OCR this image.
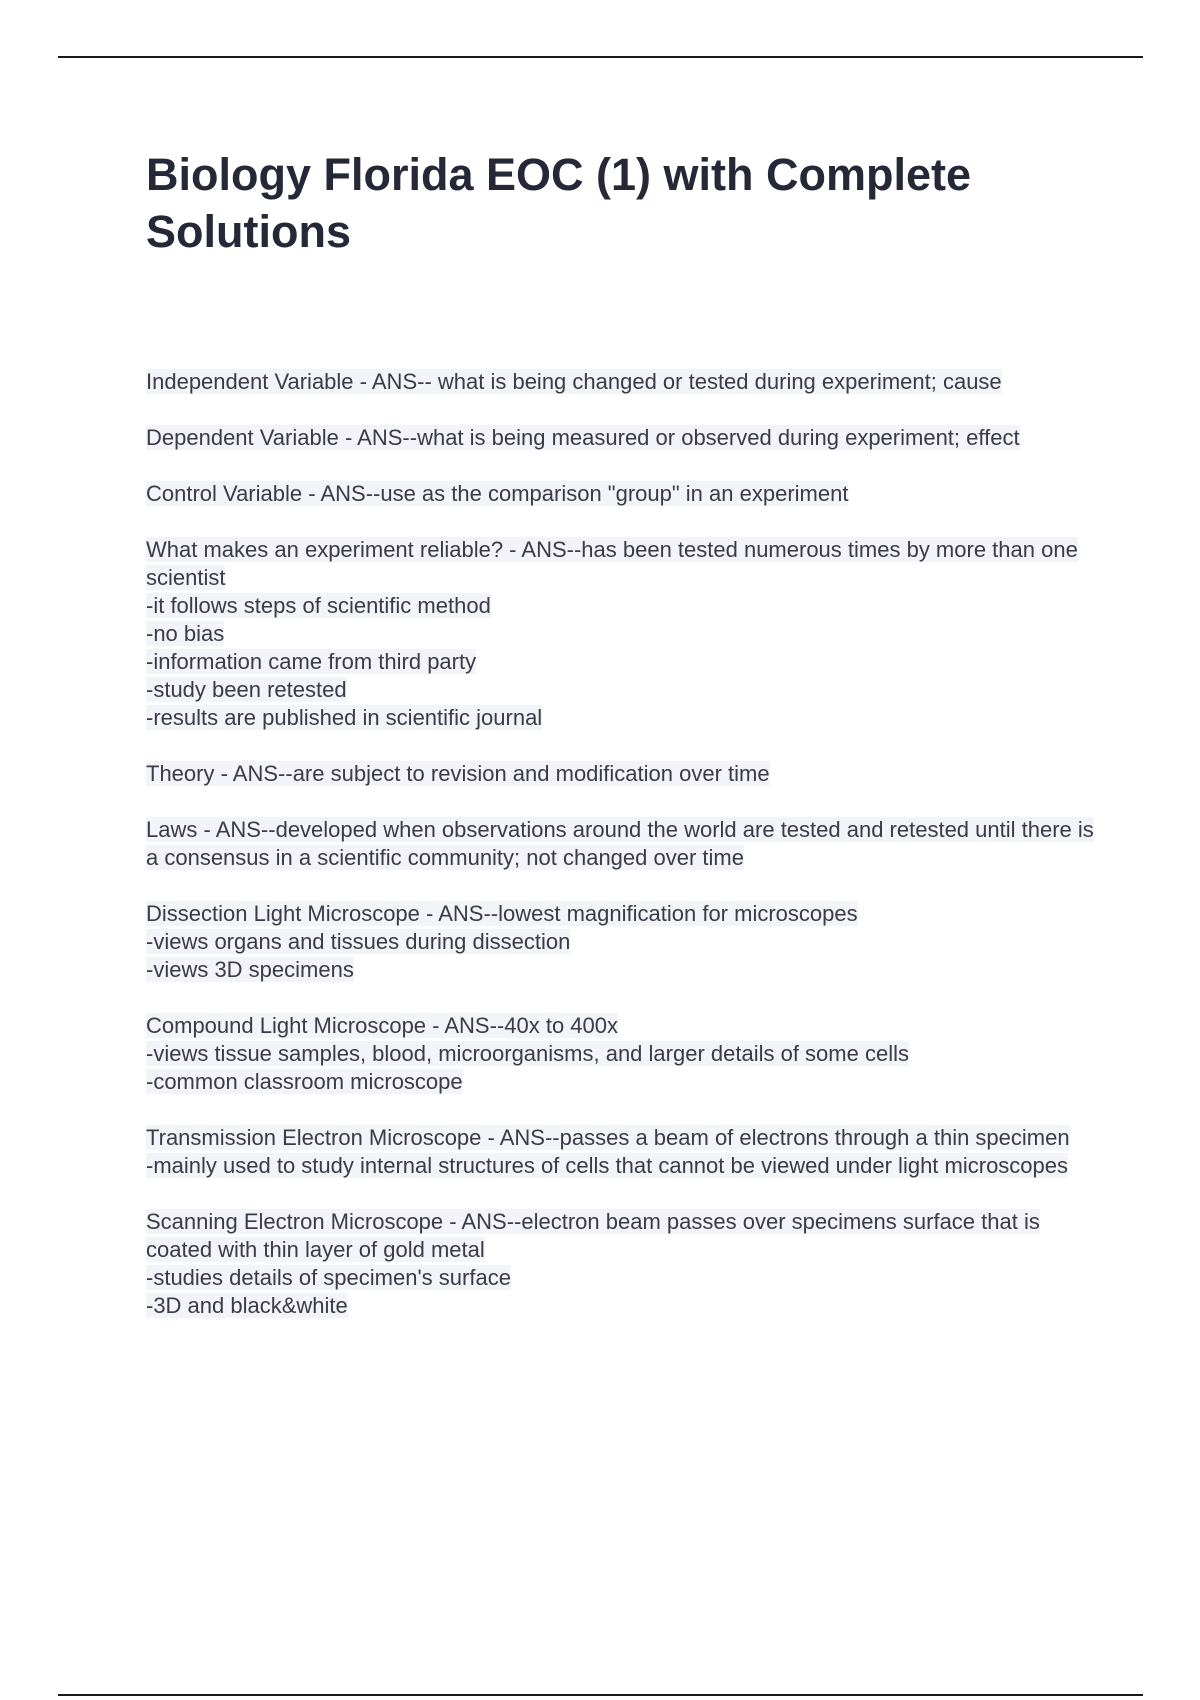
Biology Florida EOC (1) with Complete Solutions
Independent Variable - ANS-- what is being changed or tested during experiment; cause
Dependent Variable - ANS--what is being measured or observed during experiment; effect
Control Variable - ANS--use as the comparison "group" in an experiment
What makes an experiment reliable? - ANS--has been tested numerous times by more than one scientist
-it follows steps of scientific method
-no bias
-information came from third party
-study been retested
-results are published in scientific journal
Theory - ANS--are subject to revision and modification over time
Laws - ANS--developed when observations around the world are tested and retested until there is a consensus in a scientific community; not changed over time
Dissection Light Microscope - ANS--lowest magnification for microscopes
-views organs and tissues during dissection
-views 3D specimens
Compound Light Microscope - ANS--40x to 400x
-views tissue samples, blood, microorganisms, and larger details of some cells
-common classroom microscope
Transmission Electron Microscope - ANS--passes a beam of electrons through a thin specimen
-mainly used to study internal structures of cells that cannot be viewed under light microscopes
Scanning Electron Microscope - ANS--electron beam passes over specimens surface that is coated with thin layer of gold metal
-studies details of specimen's surface
-3D and black&white
